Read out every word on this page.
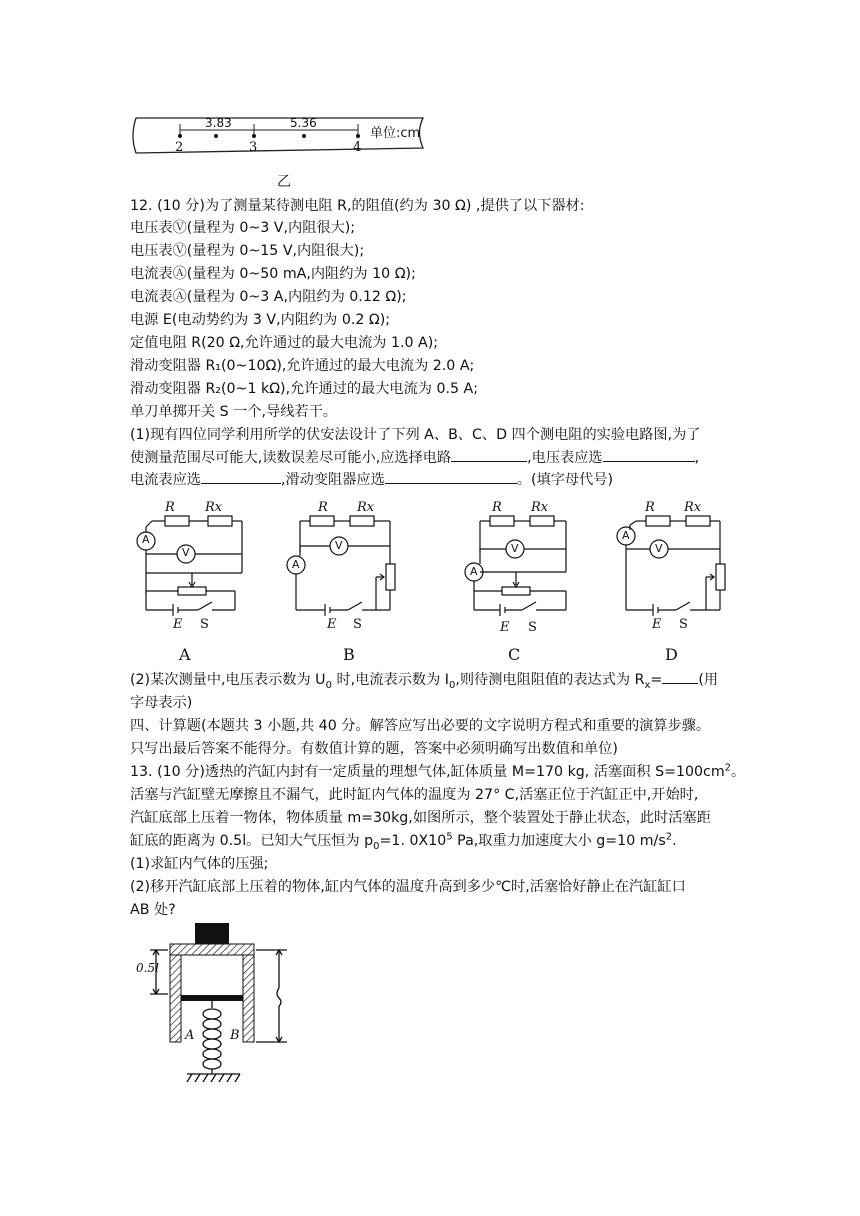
3.83	5.36
单位:cm
2	3	4
乙
12. (10 分)为了测量某待测电阻 R,的阻值(约为 30 Ω) ,提供了以下器材:
电压表Ⓥ(量程为 0~3 V,内阻很大);
电压表Ⓥ(量程为 0~15 V,内阻很大);
电流表Ⓐ(量程为 0~50 mA,内阻约为 10 Ω);
电流表Ⓐ(量程为 0~3 A,内阻约为 0.12 Ω);
电源 E(电动势约为 3 V,内阻约为 0.2 Ω);
定值电阻 R(20 Ω,允许通过的最大电流为 1.0 A);
滑动变阻器 R₁(0~10Ω),允许通过的最大电流为 2.0 A;
滑动变阻器 R₂(0~1 kΩ),允许通过的最大电流为 0.5 A;
单刀单掷开关 S 一个,导线若干。
(1)现有四位同学利用所学的伏安法设计了下列 A、B、C、D 四个测电阻的实验电路图,为了
使测量范围尽可能大,读数误差尽可能小,应选择电路	,电压表应选	,
电流表应选	,滑动变阻器应选	。(填字母代号)
R Rx
A
V
E S
A
R Rx
V
A
E S
B
R Rx
V
A
E S
C
R Rx
A
V
E S
D
(2)某次测量中,电压表示数为 $U_0$ 时,电流表示数为 $I_0$,则待测电阻阻值的表达式为 $R_x=$	(用
字母表示)
四、计算题(本题共 3 小题,共 40 分。解答应写出必要的文字说明方程式和重要的演算步骤。
只写出最后答案不能得分。有数值计算的题，答案中必须明确写出数值和单位)
13. (10 分)透热的汽缸内封有一定质量的理想气体,缸体质量 M=170 kg, 活塞面积 $S=100cm^2$。
活塞与汽缸壁无摩擦且不漏气，此时缸内气体的温度为 27° C,活塞正位于汽缸正中,开始时,
汽缸底部上压着一物体，物体质量 m=30kg,如图所示，整个装置处于静止状态，此时活塞距
缸底的距离为 0.5l。已知大气压恒为 $p_0=1$. $0X10^5$ Pa,取重力加速度大小 g=10 $m/s^2$.
(1)求缸内气体的压强;
(2)移开汽缸底部上压着的物体,缸内气体的温度升高到多少℃时,活塞恰好静止在汽缸缸口
AB 处?
0.5l
A	B
